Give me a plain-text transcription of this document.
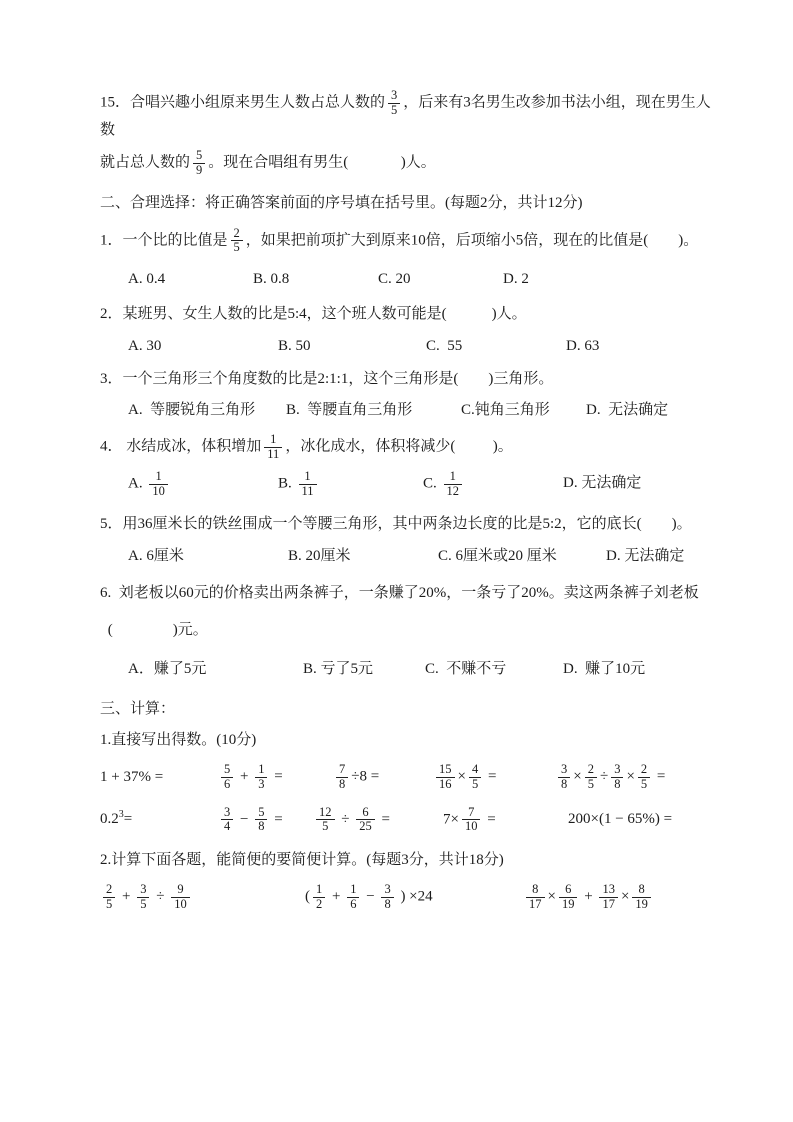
15．合唱兴趣小组原来男生人数占总人数的 $\frac{3}{5}$ ，后来有3名男生改参加书法小组，现在男生人数

就占总人数的 $\frac{5}{9}$ 。现在合唱组有男生(              )人。

二、合理选择：将正确答案前面的序号填在括号里。(每题2分，共计12分)

1．一个比的比值是 $\frac{2}{5}$ ，如果把前项扩大到原来10倍，后项缩小5倍，现在的比值是(        )。

A. 0.4	B. 0.8	C. 20	D. 2

2．某班男、女生人数的比是5:4，这个班人数可能是(            )人。

A. 30	B. 50	C.  55	D. 63

3．一个三角形三个角度数的比是2:1:1，这个三角形是(        )三角形。

A.  等腰锐角三角形	B.  等腰直角三角形	C.钝角三角形	D.  无法确定

4． 水结成冰，体积增加 $\frac{1}{11}$ ，冰化成水，体积将减少(          )。

A. $\frac{1}{10}$	B. $\frac{1}{11}$	C. $\frac{1}{12}$	D. 无法确定

5．用36厘米长的铁丝围成一个等腰三角形，其中两条边长度的比是5:2，它的底长(        )。

A. 6厘米	B. 20厘米	C. 6厘米或20 厘米	D. 无法确定

6.  刘老板以60元的价格卖出两条裤子，一条赚了20%，一条亏了20%。卖这两条裤子刘老板

(                )元。

A．赚了5元	B. 亏了5元	C.  不赚不亏	D.  赚了10元

三、计算：

1.直接写出得数。(10分)

1 + 37% =	$\frac{5}{6} + \frac{1}{3}$ =	$\frac{7}{8} \div 8$ =	$\frac{15}{16} \times \frac{4}{5}$ =	$\frac{3}{8} \times \frac{2}{5} \div \frac{3}{8} \times \frac{2}{5}$ =
$0.2^3=$	$\frac{3}{4} - \frac{5}{8}$ =	$\frac{12}{5} \div \frac{6}{25}$ =	$7\times \frac{7}{10}$ =	200×(1 − 65%) =

2.计算下面各题，能简便的要简便计算。(每题3分，共计18分)

$\frac{2}{5} + \frac{3}{5} \div \frac{9}{10}$	( $\frac{1}{2} + \frac{1}{6} - \frac{3}{8}$ ) ×24	$\frac{8}{17} \times \frac{6}{19} + \frac{13}{17} \times \frac{8}{19}$
